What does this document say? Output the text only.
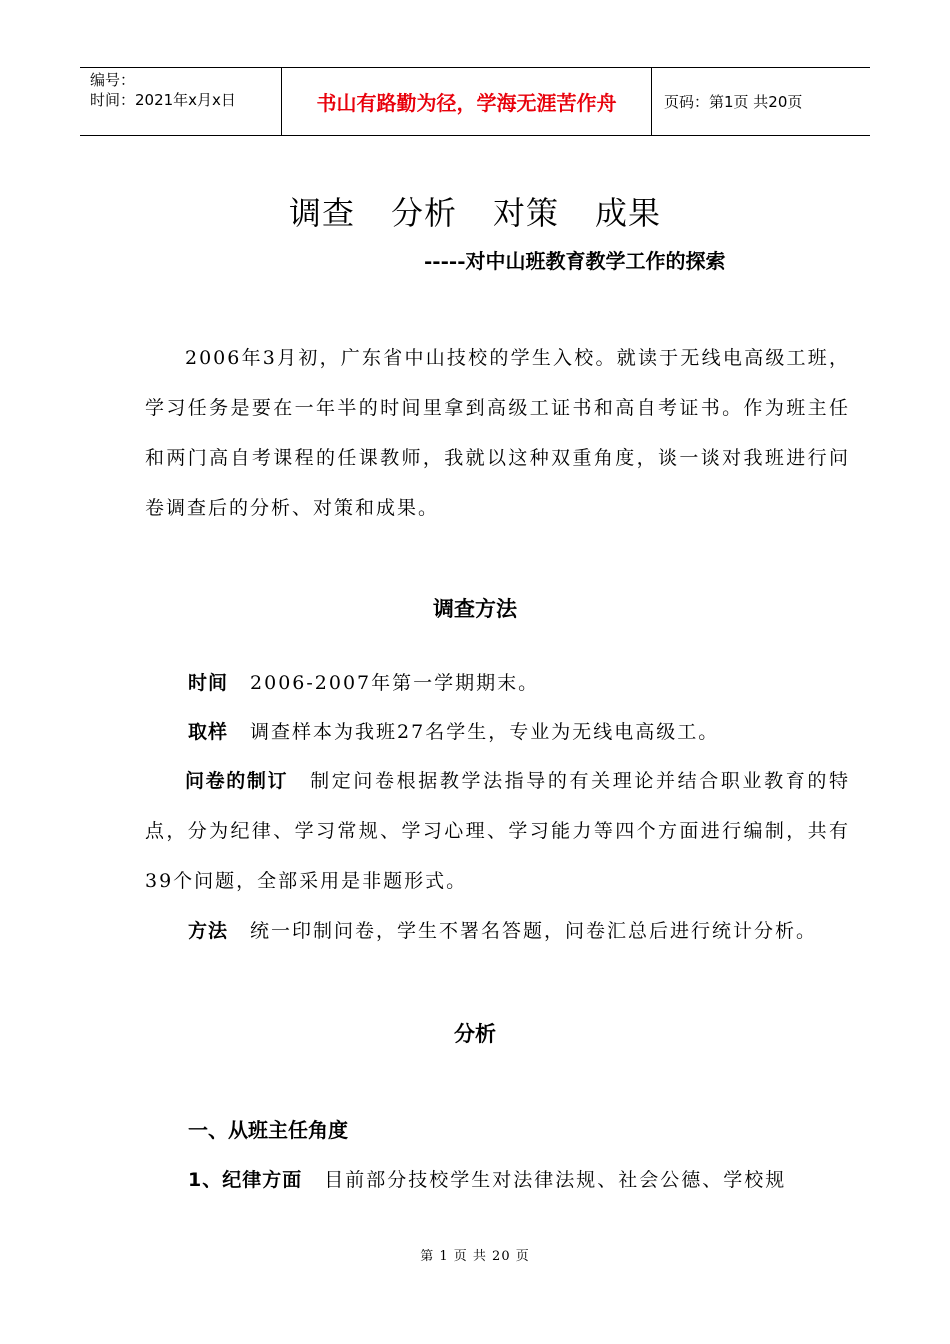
编号：
时间：2021年x月x日	书山有路勤为径，学海无涯苦作舟	页码：第1页 共20页
调查 分析 对策 成果
-----对中山班教育教学工作的探索
2006年3月初，广东省中山技校的学生入校。就读于无线电高级工班，学习任务是要在一年半的时间里拿到高级工证书和高自考证书。作为班主任和两门高自考课程的任课教师，我就以这种双重角度，谈一谈对我班进行问卷调查后的分析、对策和成果。
调查方法
时间 2006-2007年第一学期期末。
取样 调查样本为我班27名学生，专业为无线电高级工。
问卷的制订 制定问卷根据教学法指导的有关理论并结合职业教育的特点，分为纪律、学习常规、学习心理、学习能力等四个方面进行编制，共有39个问题，全部采用是非题形式。
方法 统一印制问卷，学生不署名答题，问卷汇总后进行统计分析。
分析
一、从班主任角度
1、纪律方面 目前部分技校学生对法律法规、社会公德、学校规
第 1 页 共 20 页
